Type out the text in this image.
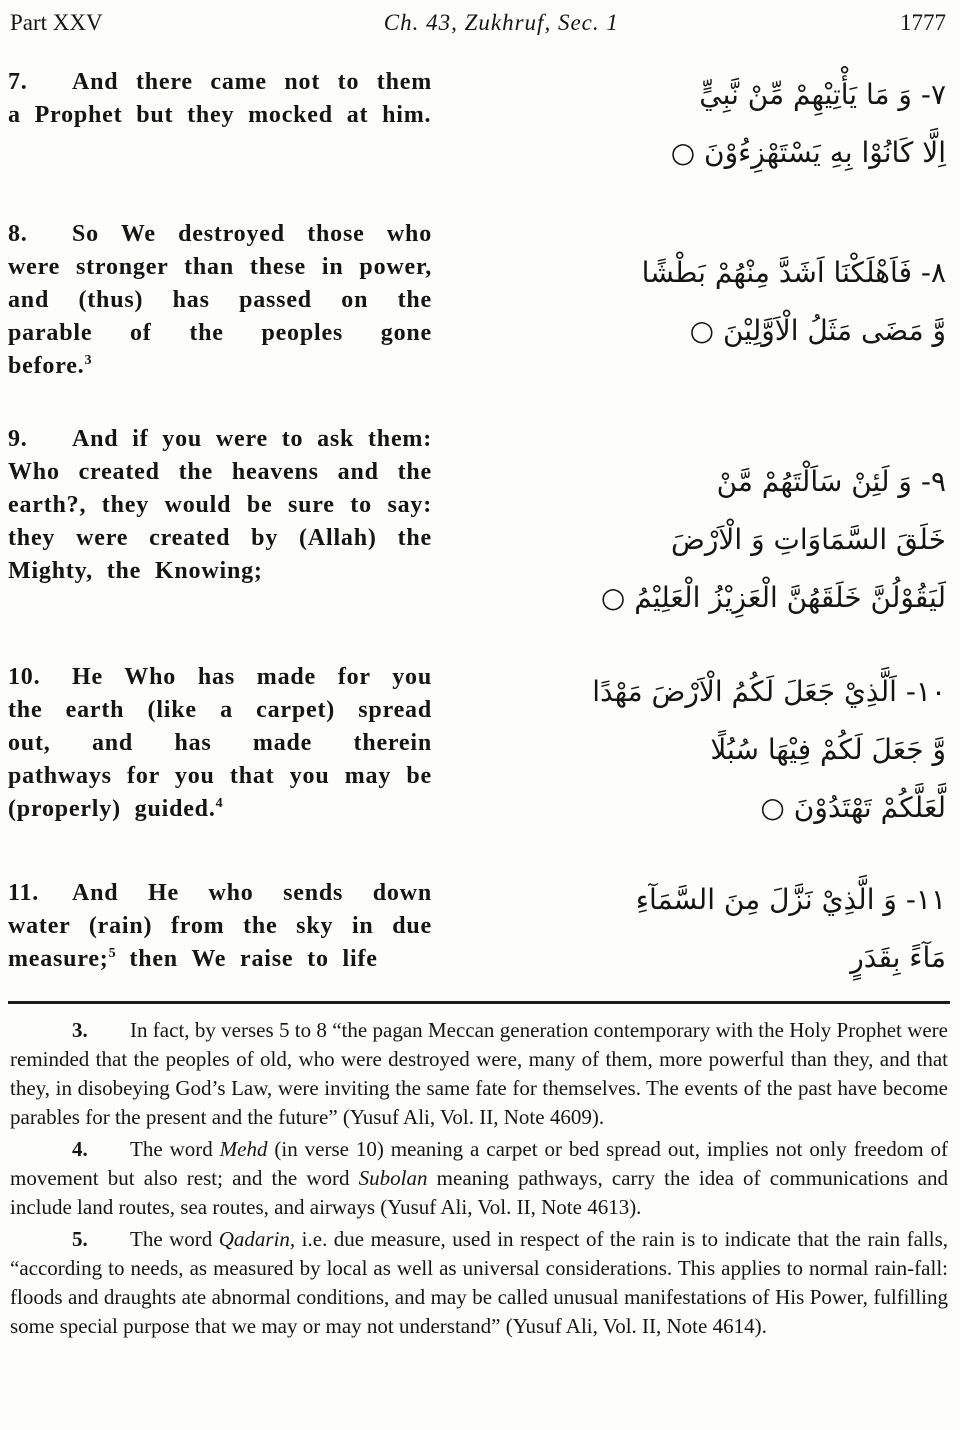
Part XXV	Ch. 43, Zukhruf, Sec. 1	1777

7. And there came not to them a Prophet but they mocked at him.

٧- وَ مَا يَأْتِيْهِمْ مِّنْ نَّبِيٍّ
اِلَّا كَانُوْا بِهِ يَسْتَهْزِءُوْنَ ○

8. So We destroyed those who were stronger than these in power, and (thus) has passed on the parable of the peoples gone before.$^3$

٨- فَاَهْلَكْنَا اَشَدَّ مِنْهُمْ بَطْشًا
وَّ مَضَى مَثَلُ الْاَوَّلِيْنَ ○

9. And if you were to ask them: Who created the heavens and the earth?, they would be sure to say: they were created by (Allah) the Mighty, the Knowing;

٩- وَ لَئِنْ سَاَلْتَهُمْ مَّنْ
خَلَقَ السَّمَاوَاتِ وَ الْاَرْضَ
لَيَقُوْلُنَّ خَلَقَهُنَّ الْعَزِيْزُ الْعَلِيْمُ ○

10. He Who has made for you the earth (like a carpet) spread out, and has made therein pathways for you that you may be (properly) guided.$^4$

١٠- اَلَّذِيْ جَعَلَ لَكُمُ الْاَرْضَ مَهْدًا
وَّ جَعَلَ لَكُمْ فِيْهَا سُبُلًا
لَّعَلَّكُمْ تَهْتَدُوْنَ ○

11. And He who sends down water (rain) from the sky in due measure;$^5$ then We raise to life

١١- وَ الَّذِيْ نَزَّلَ مِنَ السَّمَآءِ
مَآءً بِقَدَرٍ

3. In fact, by verses 5 to 8 “the pagan Meccan generation contemporary with the Holy Prophet were reminded that the peoples of old, who were destroyed were, many of them, more powerful than they, and that they, in disobeying God’s Law, were inviting the same fate for themselves. The events of the past have become parables for the present and the future” (Yusuf Ali, Vol. II, Note 4609).

4. The word Mehd (in verse 10) meaning a carpet or bed spread out, implies not only freedom of movement but also rest; and the word Subolan meaning pathways, carry the idea of communications and include land routes, sea routes, and airways (Yusuf Ali, Vol. II, Note 4613).

5. The word Qadarin, i.e. due measure, used in respect of the rain is to indicate that the rain falls, “according to needs, as measured by local as well as universal considerations. This applies to normal rain-fall: floods and draughts ate abnormal conditions, and may be called unusual manifestations of His Power, fulfilling some special purpose that we may or may not understand” (Yusuf Ali, Vol. II, Note 4614).
